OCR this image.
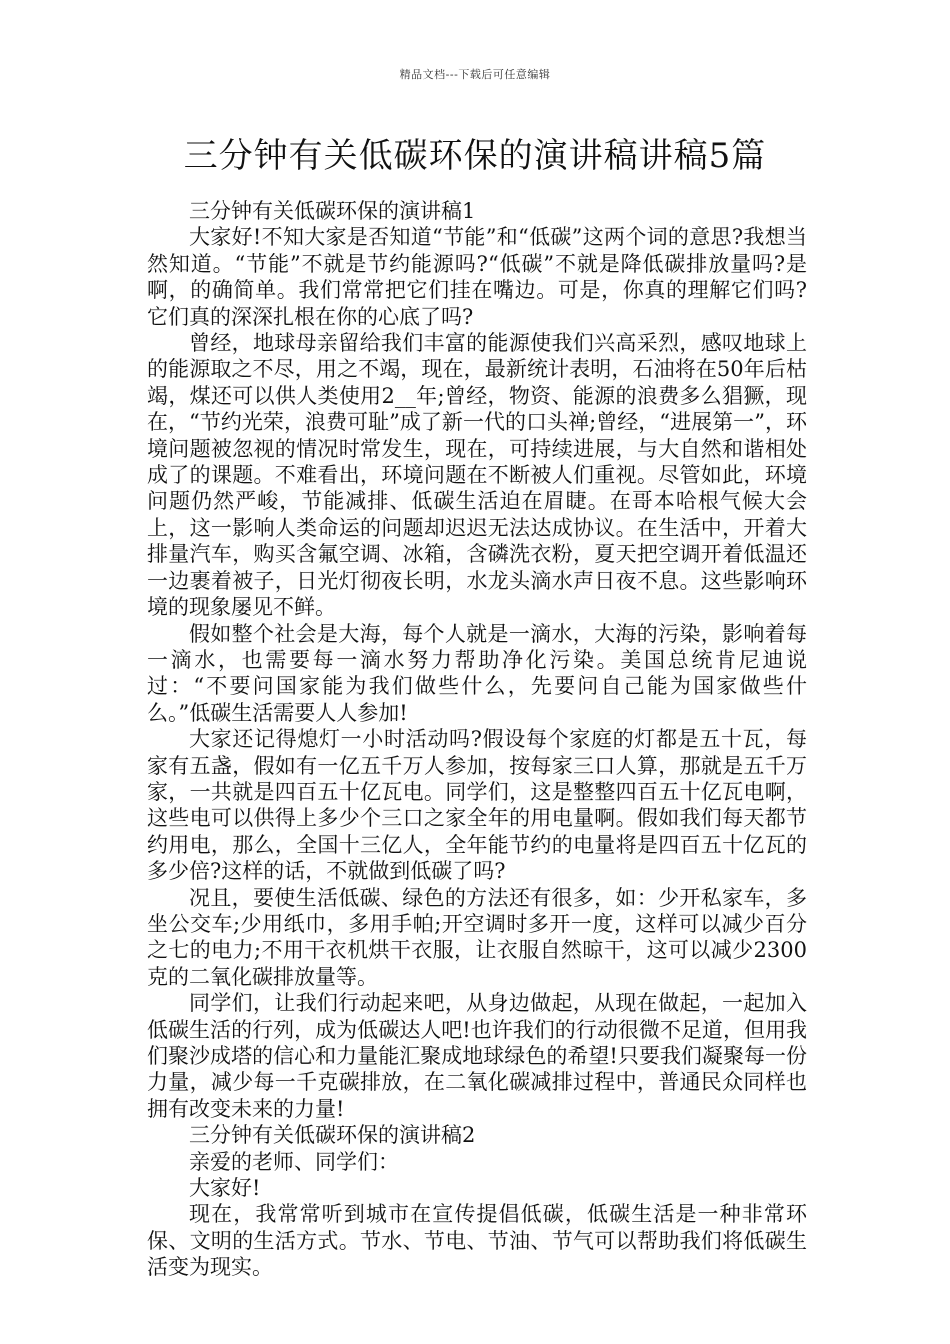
精品文档---下载后可任意编辑
三分钟有关低碳环保的演讲稿讲稿5篇

三分钟有关低碳环保的演讲稿1

大家好!不知大家是否知道“节能”和“低碳”这两个词的意思?我想当然知道。“节能”不就是节约能源吗?“低碳”不就是降低碳排放量吗?是啊，的确简单。我们常常把它们挂在嘴边。可是，你真的理解它们吗?它们真的深深扎根在你的心底了吗?

曾经，地球母亲留给我们丰富的能源使我们兴高采烈，感叹地球上的能源取之不尽，用之不竭，现在，最新统计表明，石油将在50年后枯竭，煤还可以供人类使用2__年;曾经，物资、能源的浪费多么猖獗，现在，“节约光荣，浪费可耻”成了新一代的口头禅;曾经，“进展第一”，环境问题被忽视的情况时常发生，现在，可持续进展，与大自然和谐相处成了的课题。不难看出，环境问题在不断被人们重视。尽管如此，环境问题仍然严峻，节能减排、低碳生活迫在眉睫。在哥本哈根气候大会上，这一影响人类命运的问题却迟迟无法达成协议。在生活中，开着大排量汽车，购买含氟空调、冰箱，含磷洗衣粉，夏天把空调开着低温还一边裹着被子，日光灯彻夜长明，水龙头滴水声日夜不息。这些影响环境的现象屡见不鲜。

假如整个社会是大海，每个人就是一滴水，大海的污染，影响着每一滴水，也需要每一滴水努力帮助净化污染。美国总统肯尼迪说过：“不要问国家能为我们做些什么，先要问自己能为国家做些什么。”低碳生活需要人人参加!

大家还记得熄灯一小时活动吗?假设每个家庭的灯都是五十瓦，每家有五盏，假如有一亿五千万人参加，按每家三口人算，那就是五千万家，一共就是四百五十亿瓦电。同学们，这是整整四百五十亿瓦电啊，这些电可以供得上多少个三口之家全年的用电量啊。假如我们每天都节约用电，那么，全国十三亿人，全年能节约的电量将是四百五十亿瓦的多少倍?这样的话，不就做到低碳了吗?

况且，要使生活低碳、绿色的方法还有很多，如：少开私家车，多坐公交车;少用纸巾，多用手帕;开空调时多开一度，这样可以减少百分之七的电力;不用干衣机烘干衣服，让衣服自然晾干，这可以减少2300克的二氧化碳排放量等。

同学们，让我们行动起来吧，从身边做起，从现在做起，一起加入低碳生活的行列，成为低碳达人吧!也许我们的行动很微不足道，但用我们聚沙成塔的信心和力量能汇聚成地球绿色的希望!只要我们凝聚每一份力量，减少每一千克碳排放，在二氧化碳减排过程中，普通民众同样也拥有改变未来的力量!

三分钟有关低碳环保的演讲稿2

亲爱的老师、同学们：

大家好!

现在，我常常听到城市在宣传提倡低碳，低碳生活是一种非常环保、文明的生活方式。节水、节电、节油、节气可以帮助我们将低碳生活变为现实。
